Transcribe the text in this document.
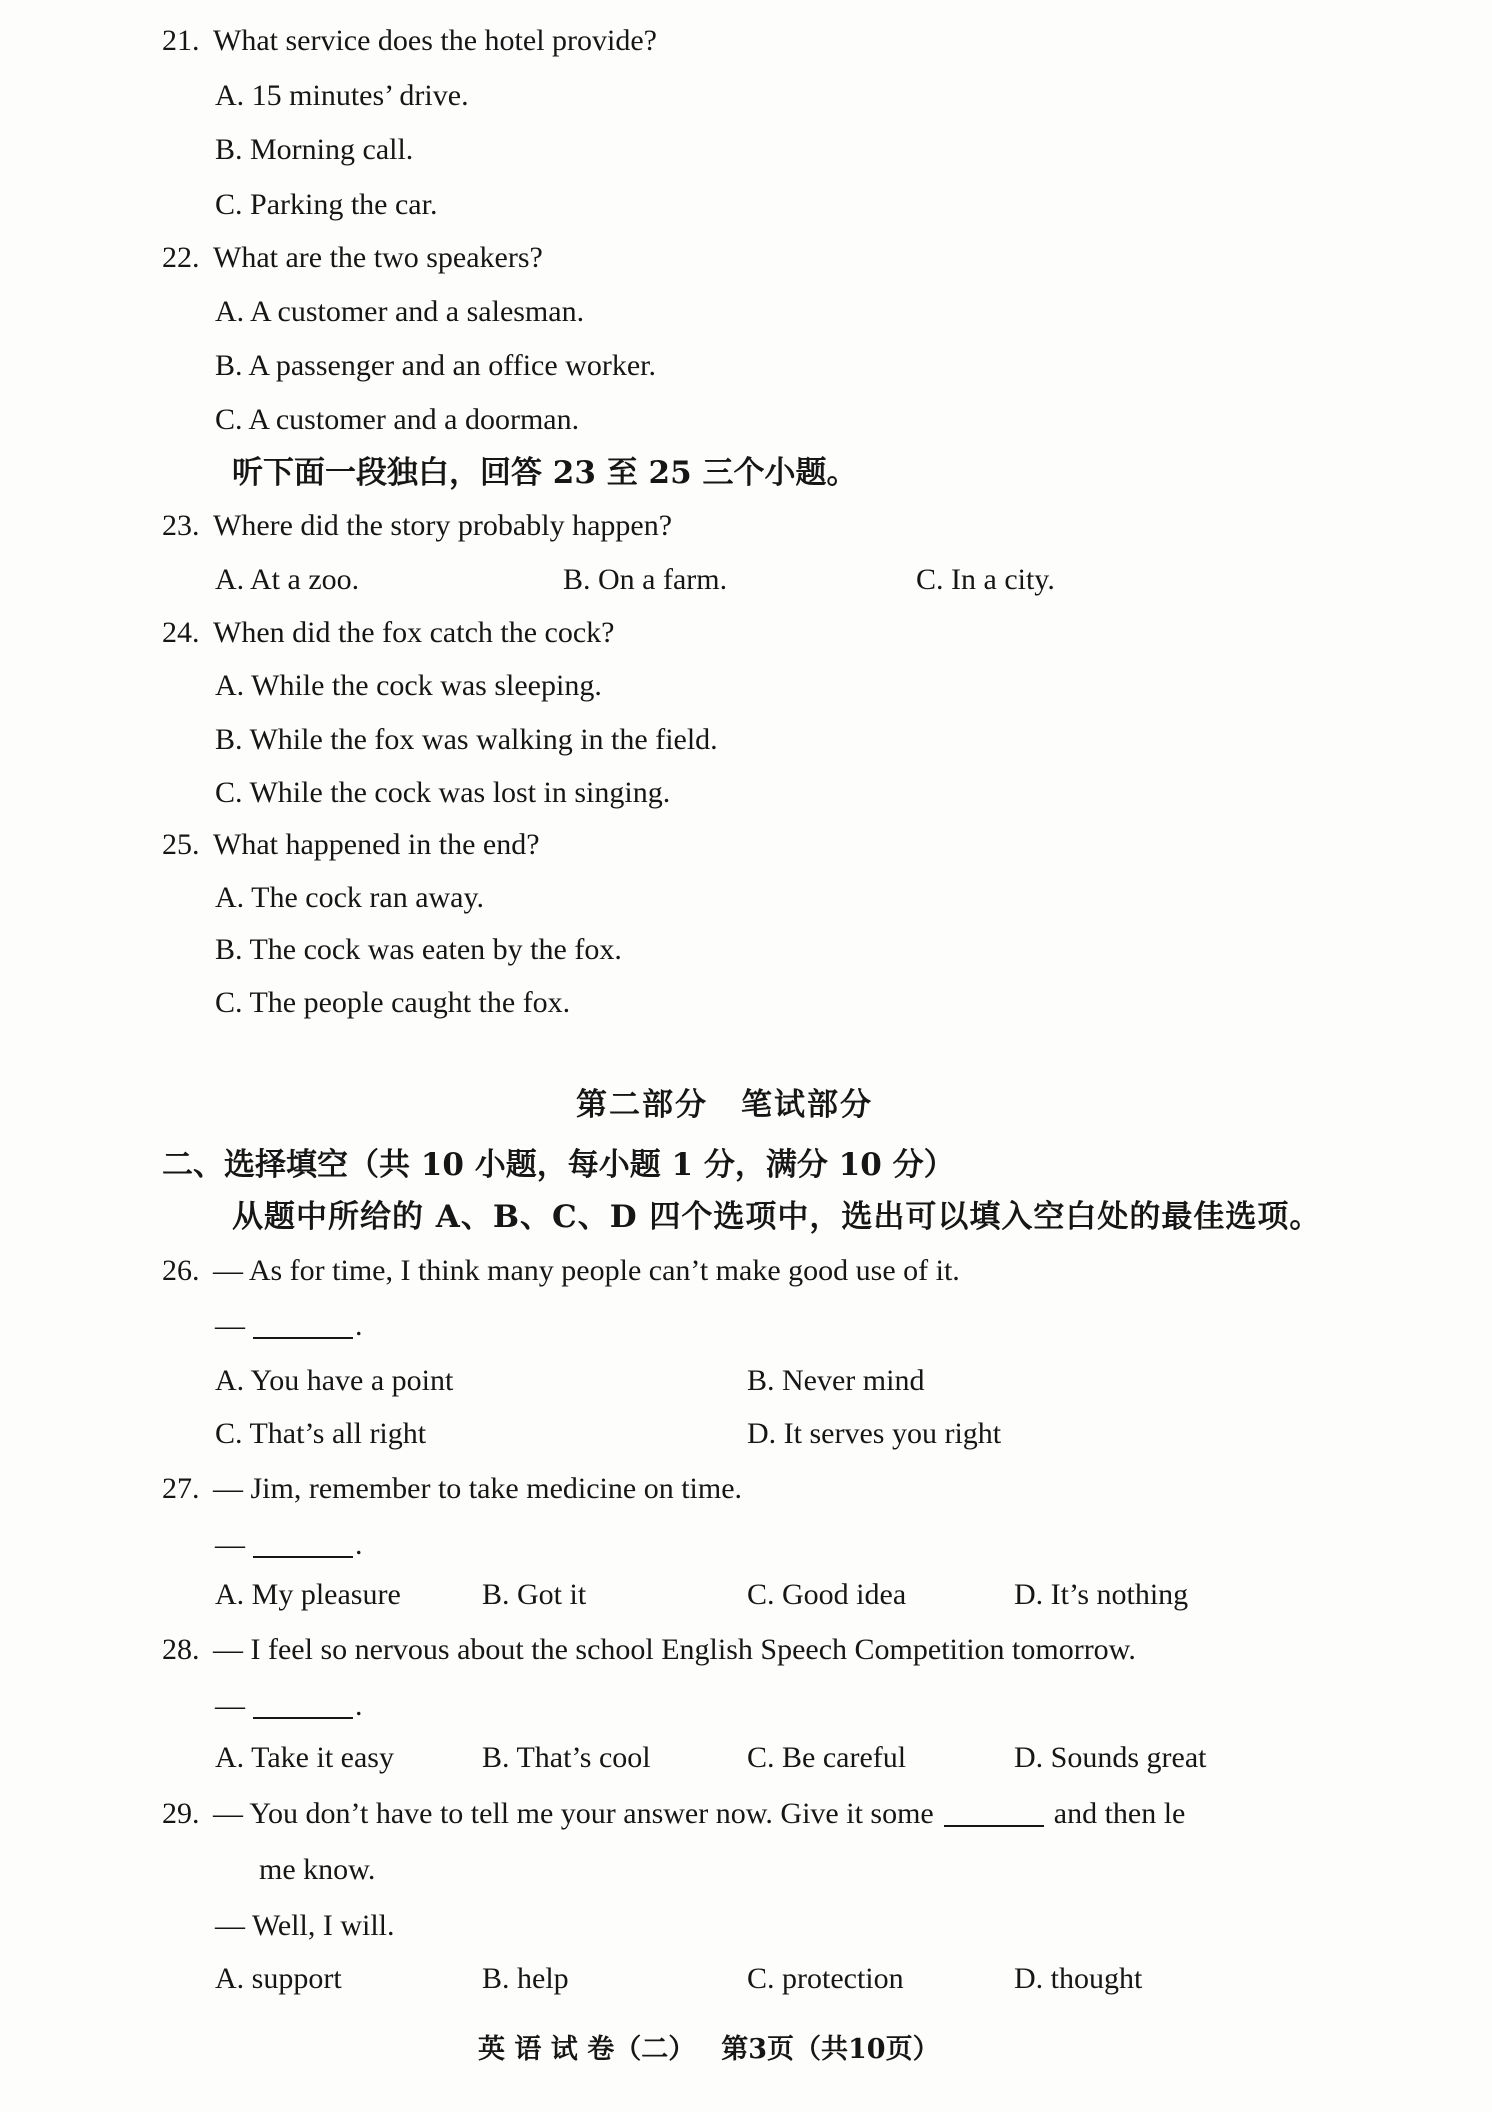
21. What service does the hotel provide?
A. 15 minutes’ drive.
B. Morning call.
C. Parking the car.
22. What are the two speakers?
A. A customer and a salesman.
B. A passenger and an office worker.
C. A customer and a doorman.
听下面一段独白，回答 23 至 25 三个小题。
23. Where did the story probably happen?
A. At a zoo.	B. On a farm.	C. In a city.
24. When did the fox catch the cock?
A. While the cock was sleeping.
B. While the fox was walking in the field.
C. While the cock was lost in singing.
25. What happened in the end?
A. The cock ran away.
B. The cock was eaten by the fox.
C. The people caught the fox.
第二部分　笔试部分
二、选择填空（共 10 小题，每小题 1 分，满分 10 分）
从题中所给的 A、B、C、D 四个选项中，选出可以填入空白处的最佳选项。
26. — As for time, I think many people can’t make good use of it.
—	.
A. You have a point	B. Never mind
C. That’s all right	D. It serves you right
27. — Jim, remember to take medicine on time.
—	.
A. My pleasure	B. Got it	C. Good idea	D. It’s nothing
28. — I feel so nervous about the school English Speech Competition tomorrow.
—	.
A. Take it easy	B. That’s cool	C. Be careful	D. Sounds great
29. — You don’t have to tell me your answer now. Give it some	and then le
me know.
— Well, I will.
A. support	B. help	C. protection	D. thought
英 语 试 卷（二） 第3页（共10页）
